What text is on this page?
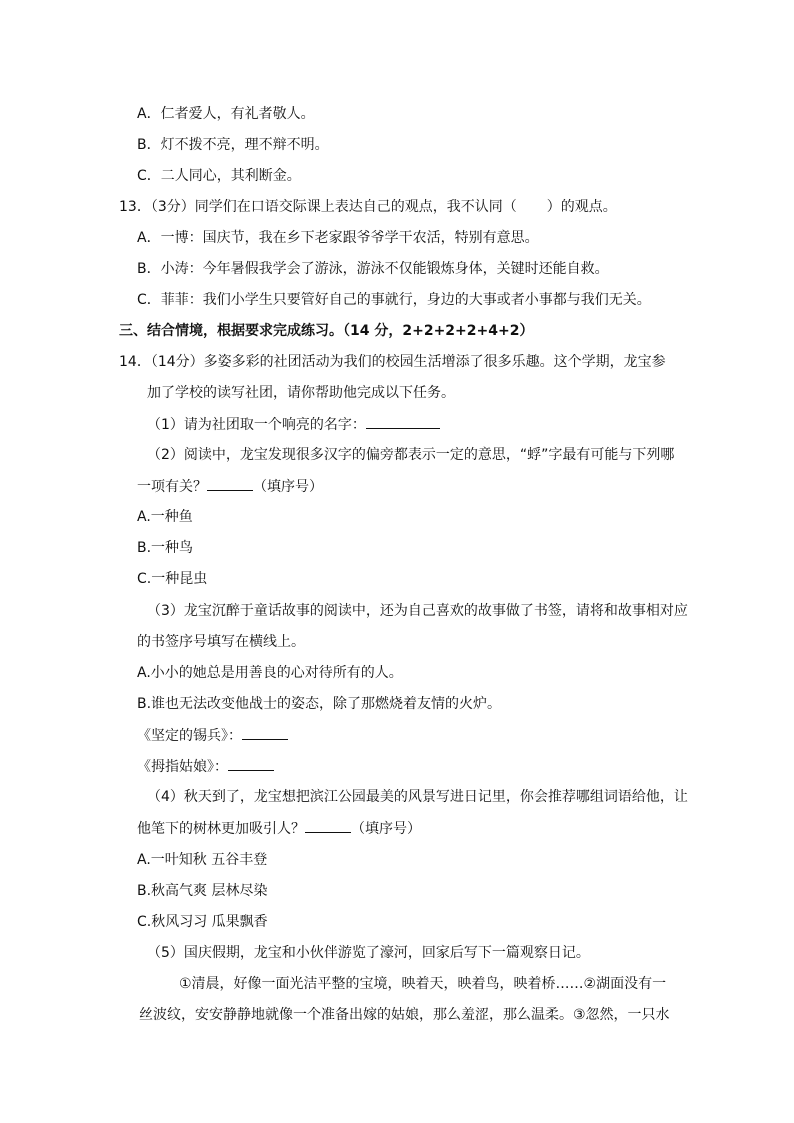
A．仁者爱人，有礼者敬人。
B．灯不拨不亮，理不辩不明。
C．二人同心，其利断金。
13．（3分）同学们在口语交际课上表达自己的观点，我不认同（ ）的观点。
A．一博：国庆节，我在乡下老家跟爷爷学干农活，特别有意思。
B．小涛：今年暑假我学会了游泳，游泳不仅能锻炼身体，关键时还能自救。
C．菲菲：我们小学生只要管好自己的事就行，身边的大事或者小事都与我们无关。
三、结合情境，根据要求完成练习。（14 分，2+2+2+2+4+2）
14．（14分）多姿多彩的社团活动为我们的校园生活增添了很多乐趣。这个学期，龙宝参
加了学校的读写社团，请你帮助他完成以下任务。
（1）请为社团取一个响亮的名字：
（2）阅读中，龙宝发现很多汉字的偏旁都表示一定的意思，“蜉”字最有可能与下列哪
一项有关？	（填序号）
A.一种鱼
B.一种鸟
C.一种昆虫
（3）龙宝沉醉于童话故事的阅读中，还为自己喜欢的故事做了书签，请将和故事相对应
的书签序号填写在横线上。
A.小小的她总是用善良的心对待所有的人。
B.谁也无法改变他战士的姿态，除了那燃烧着友情的火炉。
《坚定的锡兵》：
《拇指姑娘》：
（4）秋天到了，龙宝想把滨江公园最美的风景写进日记里，你会推荐哪组词语给他，让
他笔下的树林更加吸引人？	（填序号）
A.一叶知秋 五谷丰登
B.秋高气爽 层林尽染
C.秋风习习 瓜果飘香
（5）国庆假期，龙宝和小伙伴游览了濠河，回家后写下一篇观察日记。
①清晨，好像一面光洁平整的宝境，映着天，映着鸟，映着桥……②湖面没有一
丝波纹，安安静静地就像一个准备出嫁的姑娘，那么羞涩，那么温柔。③忽然，一只水
